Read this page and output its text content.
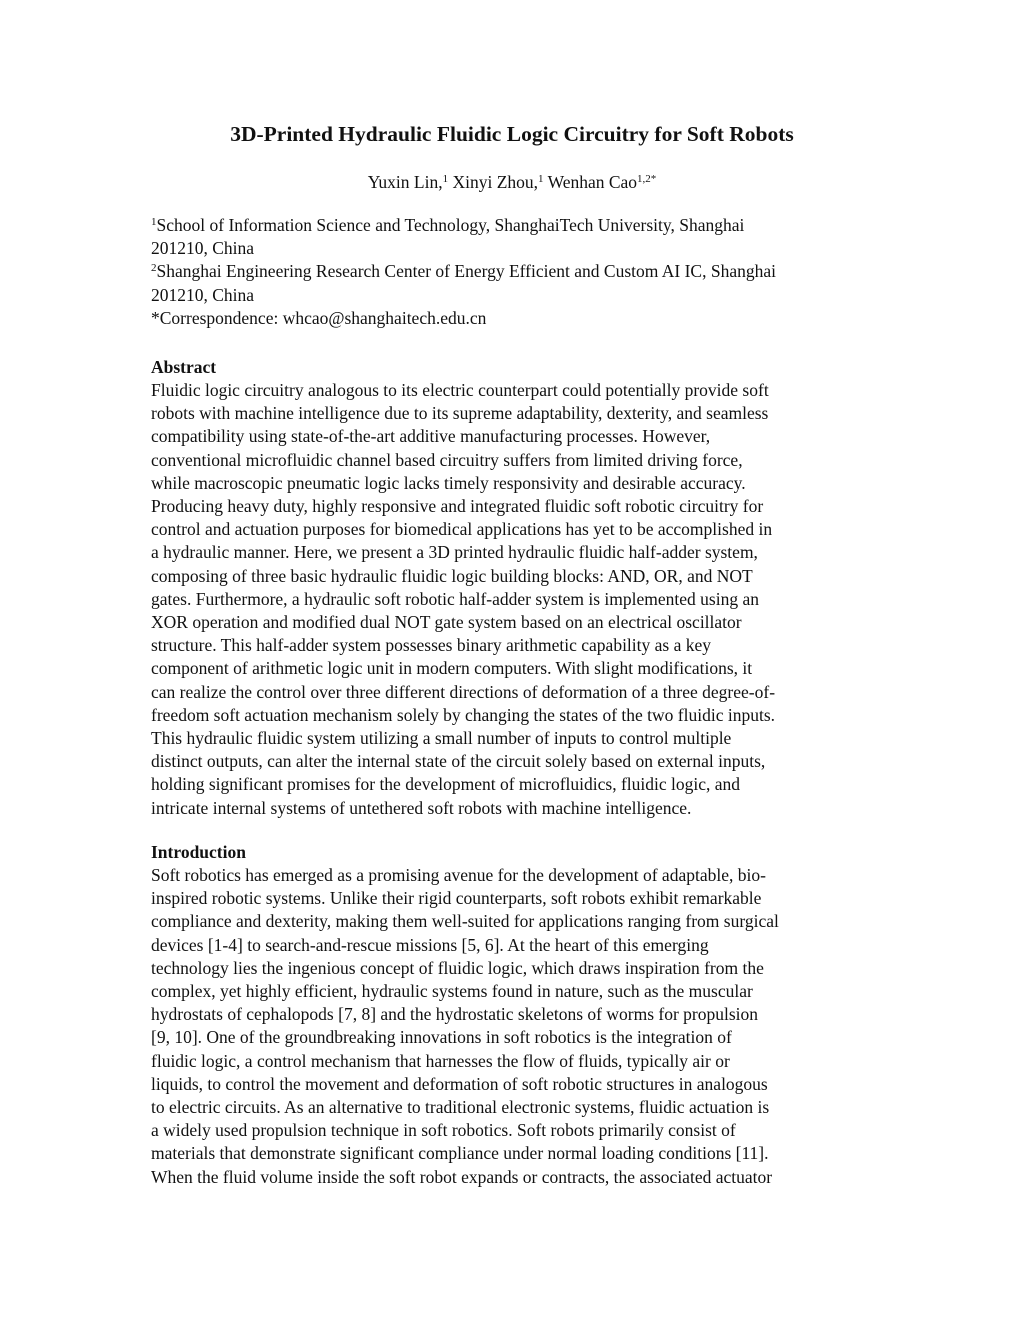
3D-Printed Hydraulic Fluidic Logic Circuitry for Soft Robots
Yuxin Lin,$^1$ Xinyi Zhou,$^1$ Wenhan Cao$^{1,2*}$

$^1$School of Information Science and Technology, ShanghaiTech University, Shanghai

201210, China

$^2$Shanghai Engineering Research Center of Energy Efficient and Custom AI IC, Shanghai

201210, China

*Correspondence: whcao@shanghaitech.edu.cn

Abstract
Fluidic logic circuitry analogous to its electric counterpart could potentially provide soft
robots with machine intelligence due to its supreme adaptability, dexterity, and seamless
compatibility using state-of-the-art additive manufacturing processes. However,
conventional microfluidic channel based circuitry suffers from limited driving force,
while macroscopic pneumatic logic lacks timely responsivity and desirable accuracy.
Producing heavy duty, highly responsive and integrated fluidic soft robotic circuitry for
control and actuation purposes for biomedical applications has yet to be accomplished in
a hydraulic manner. Here, we present a 3D printed hydraulic fluidic half-adder system,
composing of three basic hydraulic fluidic logic building blocks: AND, OR, and NOT
gates. Furthermore, a hydraulic soft robotic half-adder system is implemented using an
XOR operation and modified dual NOT gate system based on an electrical oscillator
structure. This half-adder system possesses binary arithmetic capability as a key
component of arithmetic logic unit in modern computers. With slight modifications, it
can realize the control over three different directions of deformation of a three degree-of-
freedom soft actuation mechanism solely by changing the states of the two fluidic inputs.
This hydraulic fluidic system utilizing a small number of inputs to control multiple
distinct outputs, can alter the internal state of the circuit solely based on external inputs,
holding significant promises for the development of microfluidics, fluidic logic, and
intricate internal systems of untethered soft robots with machine intelligence.
Introduction
Soft robotics has emerged as a promising avenue for the development of adaptable, bio-
inspired robotic systems. Unlike their rigid counterparts, soft robots exhibit remarkable
compliance and dexterity, making them well-suited for applications ranging from surgical
devices [1-4] to search-and-rescue missions [5, 6]. At the heart of this emerging
technology lies the ingenious concept of fluidic logic, which draws inspiration from the
complex, yet highly efficient, hydraulic systems found in nature, such as the muscular
hydrostats of cephalopods [7, 8] and the hydrostatic skeletons of worms for propulsion
[9, 10]. One of the groundbreaking innovations in soft robotics is the integration of
fluidic logic, a control mechanism that harnesses the flow of fluids, typically air or
liquids, to control the movement and deformation of soft robotic structures in analogous
to electric circuits. As an alternative to traditional electronic systems, fluidic actuation is
a widely used propulsion technique in soft robotics. Soft robots primarily consist of
materials that demonstrate significant compliance under normal loading conditions [11].
When the fluid volume inside the soft robot expands or contracts, the associated actuator
